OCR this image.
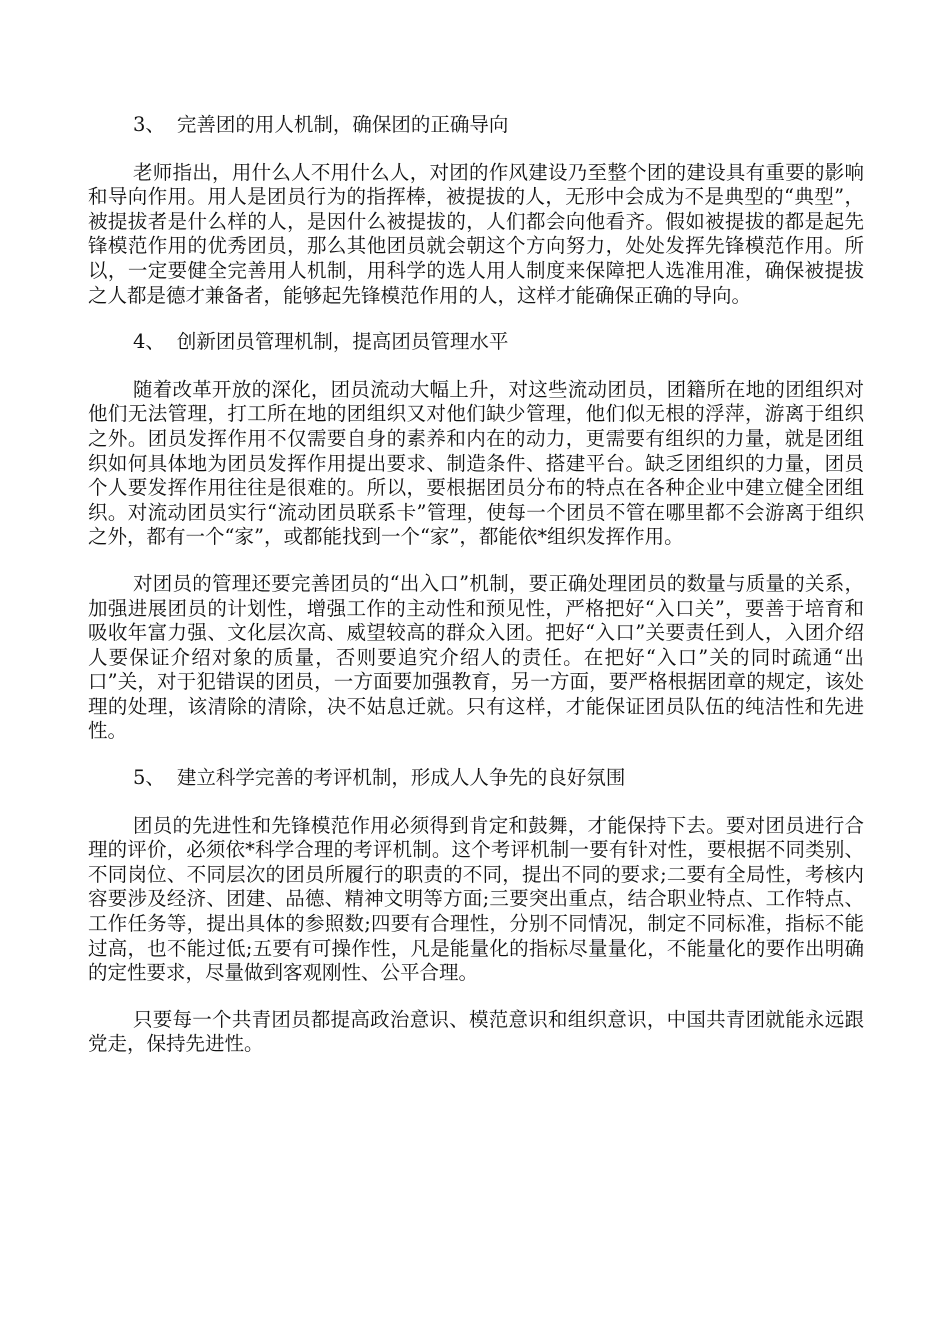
3、 完善团的用人机制，确保团的正确导向

老师指出，用什么人不用什么人，对团的作风建设乃至整个团的建设具有重要的影响和导向作用。用人是团员行为的指挥棒，被提拔的人，无形中会成为不是典型的“典型”，被提拔者是什么样的人，是因什么被提拔的，人们都会向他看齐。假如被提拔的都是起先锋模范作用的优秀团员，那么其他团员就会朝这个方向努力，处处发挥先锋模范作用。所以，一定要健全完善用人机制，用科学的选人用人制度来保障把人选准用准，确保被提拔之人都是德才兼备者，能够起先锋模范作用的人，这样才能确保正确的导向。

4、 创新团员管理机制，提高团员管理水平

随着改革开放的深化，团员流动大幅上升，对这些流动团员，团籍所在地的团组织对他们无法管理，打工所在地的团组织又对他们缺少管理，他们似无根的浮萍，游离于组织之外。团员发挥作用不仅需要自身的素养和内在的动力，更需要有组织的力量，就是团组织如何具体地为团员发挥作用提出要求、制造条件、搭建平台。缺乏团组织的力量，团员个人要发挥作用往往是很难的。所以，要根据团员分布的特点在各种企业中建立健全团组织。对流动团员实行“流动团员联系卡”管理，使每一个团员不管在哪里都不会游离于组织之外，都有一个“家”，或都能找到一个“家”，都能依*组织发挥作用。

对团员的管理还要完善团员的“出入口”机制，要正确处理团员的数量与质量的关系，加强进展团员的计划性，增强工作的主动性和预见性，严格把好“入口关”，要善于培育和吸收年富力强、文化层次高、威望较高的群众入团。把好“入口”关要责任到人，入团介绍人要保证介绍对象的质量，否则要追究介绍人的责任。在把好“入口”关的同时疏通“出口”关，对于犯错误的团员，一方面要加强教育，另一方面，要严格根据团章的规定，该处理的处理，该清除的清除，决不姑息迁就。只有这样，才能保证团员队伍的纯洁性和先进性。

5、 建立科学完善的考评机制，形成人人争先的良好氛围

团员的先进性和先锋模范作用必须得到肯定和鼓舞，才能保持下去。要对团员进行合理的评价，必须依*科学合理的考评机制。这个考评机制一要有针对性，要根据不同类别、不同岗位、不同层次的团员所履行的职责的不同，提出不同的要求;二要有全局性，考核内容要涉及经济、团建、品德、精神文明等方面;三要突出重点，结合职业特点、工作特点、工作任务等，提出具体的参照数;四要有合理性，分别不同情况，制定不同标准，指标不能过高，也不能过低;五要有可操作性，凡是能量化的指标尽量量化，不能量化的要作出明确的定性要求，尽量做到客观刚性、公平合理。

只要每一个共青团员都提高政治意识、模范意识和组织意识，中国共青团就能永远跟党走，保持先进性。
